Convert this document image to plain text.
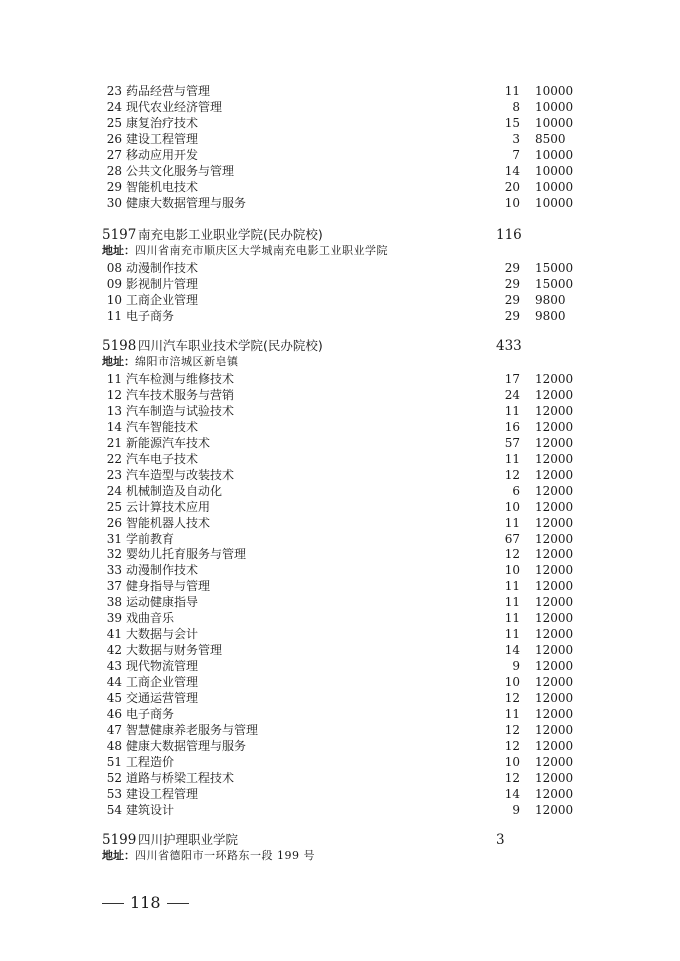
23 药品经营与管理	11 10000
24 现代农业经济管理	8 10000
25 康复治疗技术	15 10000
26 建设工程管理	3 8500
27 移动应用开发	7 10000
28 公共文化服务与管理	14 10000
29 智能机电技术	20 10000
30 健康大数据管理与服务	10 10000
5197 南充电影工业职业学院(民办院校)	116
地址：四川省南充市顺庆区大学城南充电影工业职业学院
08 动漫制作技术	29 15000
09 影视制片管理	29 15000
10 工商企业管理	29 9800
11 电子商务	29 9800
5198 四川汽车职业技术学院(民办院校)	433
地址：绵阳市涪城区新皂镇
11 汽车检测与维修技术	17 12000
12 汽车技术服务与营销	24 12000
13 汽车制造与试验技术	11 12000
14 汽车智能技术	16 12000
21 新能源汽车技术	57 12000
22 汽车电子技术	11 12000
23 汽车造型与改装技术	12 12000
24 机械制造及自动化	6 12000
25 云计算技术应用	10 12000
26 智能机器人技术	11 12000
31 学前教育	67 12000
32 婴幼儿托育服务与管理	12 12000
33 动漫制作技术	10 12000
37 健身指导与管理	11 12000
38 运动健康指导	11 12000
39 戏曲音乐	11 12000
41 大数据与会计	11 12000
42 大数据与财务管理	14 12000
43 现代物流管理	9 12000
44 工商企业管理	10 12000
45 交通运营管理	12 12000
46 电子商务	11 12000
47 智慧健康养老服务与管理	12 12000
48 健康大数据管理与服务	12 12000
51 工程造价	10 12000
52 道路与桥梁工程技术	12 12000
53 建设工程管理	14 12000
54 建筑设计	9 12000
5199 四川护理职业学院	3
地址：四川省德阳市一环路东一段 199 号
118
